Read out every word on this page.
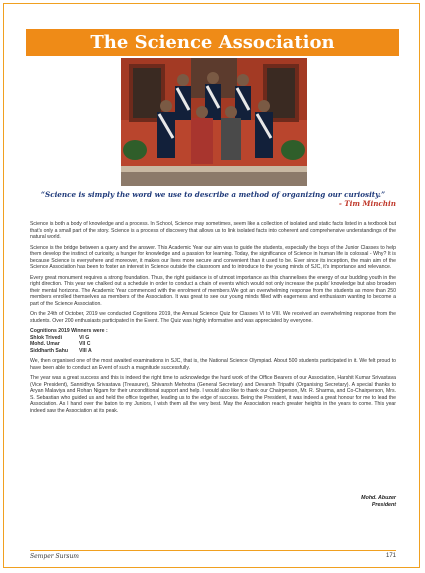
The Science Association
“Science is simply the word we use to describe a method of organizing our curiosity.”
- Tim Minchin

Science is both a body of knowledge and a process. In School, Science may sometimes, seem like a collection of isolated and static facts listed in a textbook but that's only a small part of the story. Science is a process of discovery that allows us to link isolated facts into coherent and comprehensive understandings of the natural world.

Science is the bridge between a query and the answer. This Academic Year our aim was to guide the students, especially the boys of the Junior Classes to help them develop the instinct of curiosity, a hunger for knowledge and a passion for learning. Today, the significance of Science in human life is colossal - Why? It is because Science is everywhere and moreover, it makes our lives more secure and convenient than it used to be. Ever since its inception, the main aim of the Science Association has been to foster an interest in Science outside the classroom and to introduce to the young minds of SJC, it's importance and relevance.

Every great monument requires a strong foundation. Thus, the right guidance is of utmost importance as this channelises the energy of our budding youth in the right direction. This year we chalked out a schedule in order to conduct a chain of events which would not only increase the pupils' knowledge but also broaden their mental horizons. The Academic Year commenced with the enrolment of members.We got an overwhelming response from the students as more than 250 members enrolled themselves as members of the Association. It was great to see our young minds filled with eagerness and enthusiasm wanting to become a part of the Science Association.

On the 24th of October, 2019 we conducted Cognitions 2019, the Annual Science Quiz for Classes VI to VIII. We received an overwhelming response from the students. Over 200 enthusiasts participated in the Event. The Quiz was highly informative and was appreciated by everyone.

Cognitions 2019 Winners were :
Shlok Trivedi	VI G
Mohd. Umar	VII C
Siddharth Sahu	VIII A

We, then organised one of the most awaited examinations in SJC, that is, the National Science Olympiad. About 500 students participated in it. We felt proud to have been able to conduct an Event of such a magnitude successfully.

The year was a great success and this is indeed the right time to acknowledge the hard work of the Office Bearers of our Association, Harshit Kumar Srivastava (Vice President), Sannidhya Srivastava (Treasurer), Shivansh Mehrotra (General Secretary) and Devansh Tripathi (Organising Secretary). A special thanks to Aryan Malaviya and Rohan Nigam for their unconditional support and help. I would also like to thank our Chairperson, Mr. R. Sharma, and Co-Chairperson, Mrs. S. Sebastian who guided us and held the office together, leading us to the edge of success. Being the President, it was indeed a great honour for me to lead the Association. As I hand over the baton to my Juniors, I wish them all the very best. May the Association reach greater heights in the years to come. This year indeed saw the Association at its peak.

Mohd. Abuzer
President
Semper Sursum	171
